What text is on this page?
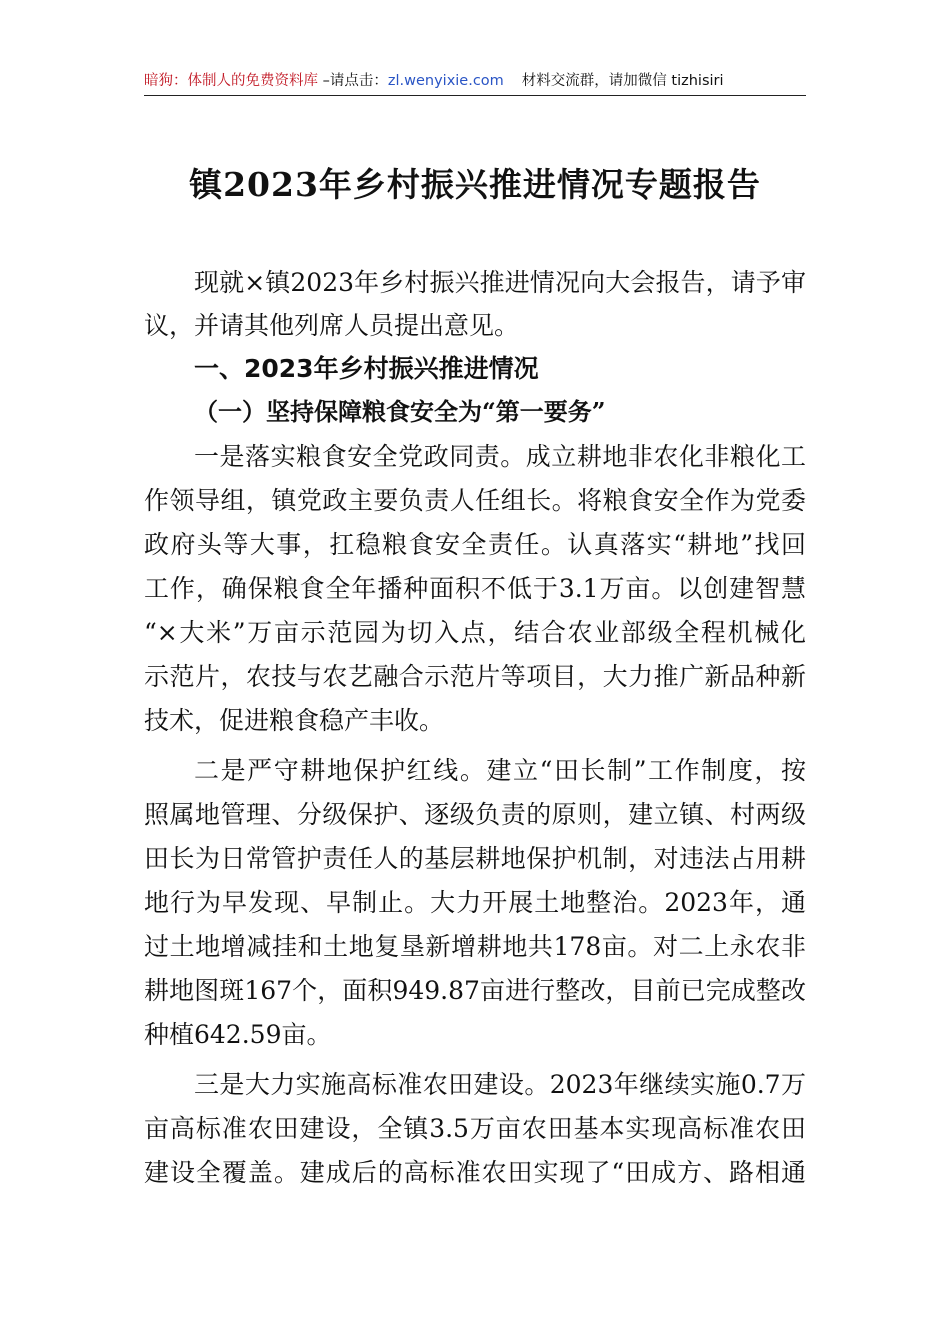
暗狗：体制人的免费资料库 –请点击：zl.wenyixie.com 材料交流群，请加微信 tizhisiri
镇2023年乡村振兴推进情况专题报告
现就×镇2023年乡村振兴推进情况向大会报告，请予审
议，并请其他列席人员提出意见。
一、2023年乡村振兴推进情况
（一）坚持保障粮食安全为“第一要务”
一是落实粮食安全党政同责。成立耕地非农化非粮化工
作领导组，镇党政主要负责人任组长。将粮食安全作为党委
政府头等大事，扛稳粮食安全责任。认真落实“耕地”找回
工作，确保粮食全年播种面积不低于3.1万亩。以创建智慧
“×大米”万亩示范园为切入点，结合农业部级全程机械化
示范片，农技与农艺融合示范片等项目，大力推广新品种新
技术，促进粮食稳产丰收。
二是严守耕地保护红线。建立“田长制”工作制度，按
照属地管理、分级保护、逐级负责的原则，建立镇、村两级
田长为日常管护责任人的基层耕地保护机制，对违法占用耕
地行为早发现、早制止。大力开展土地整治。2023年，通
过土地增减挂和土地复垦新增耕地共178亩。对二上永农非
耕地图斑167个，面积949.87亩进行整改，目前已完成整改
种植642.59亩。
三是大力实施高标准农田建设。2023年继续实施0.7万
亩高标准农田建设，全镇3.5万亩农田基本实现高标准农田
建设全覆盖。建成后的高标准农田实现了“田成方、路相通
